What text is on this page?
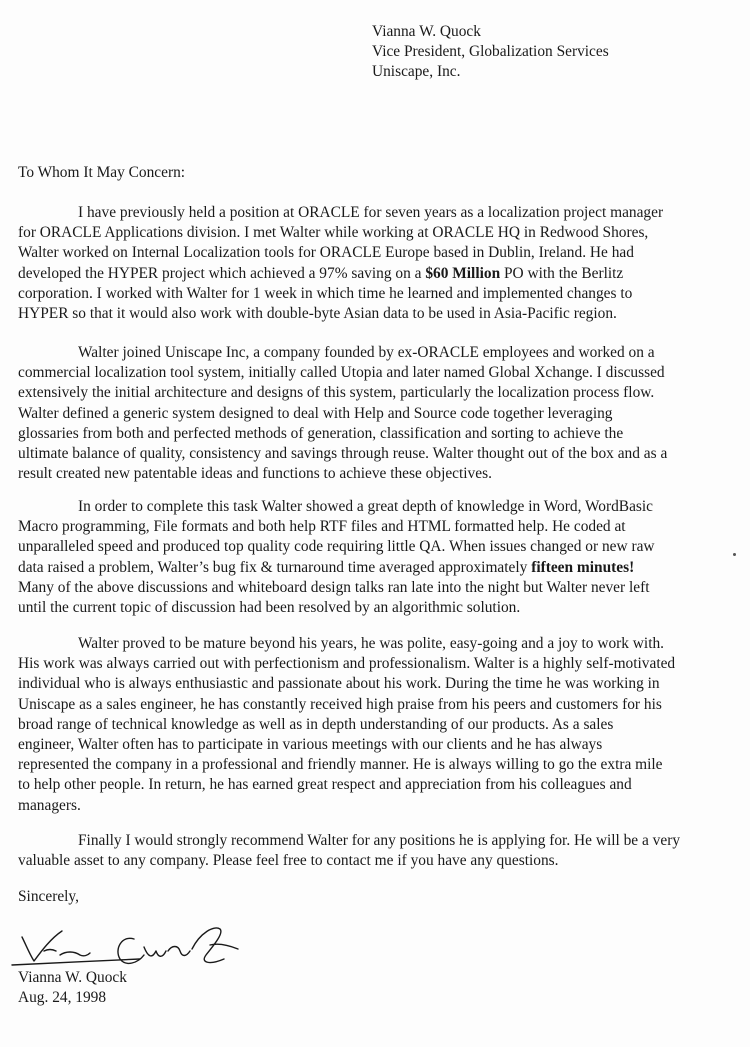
Vianna W. Quock
Vice President, Globalization Services
Uniscape, Inc.
To Whom It May Concern:
I have previously held a position at ORACLE for seven years as a localization project manager
for ORACLE Applications division. I met Walter while working at ORACLE HQ in Redwood Shores,
Walter worked on Internal Localization tools for ORACLE Europe based in Dublin, Ireland. He had
developed the HYPER project which achieved a 97% saving on a $60 Million PO with the Berlitz
corporation. I worked with Walter for 1 week in which time he learned and implemented changes to
HYPER so that it would also work with double-byte Asian data to be used in Asia-Pacific region.
Walter joined Uniscape Inc, a company founded by ex-ORACLE employees and worked on a
commercial localization tool system, initially called Utopia and later named Global Xchange. I discussed
extensively the initial architecture and designs of this system, particularly the localization process flow.
Walter defined a generic system designed to deal with Help and Source code together leveraging
glossaries from both and perfected methods of generation, classification and sorting to achieve the
ultimate balance of quality, consistency and savings through reuse. Walter thought out of the box and as a
result created new patentable ideas and functions to achieve these objectives.
In order to complete this task Walter showed a great depth of knowledge in Word, WordBasic
Macro programming, File formats and both help RTF files and HTML formatted help. He coded at
unparalleled speed and produced top quality code requiring little QA. When issues changed or new raw
data raised a problem, Walter’s bug fix & turnaround time averaged approximately fifteen minutes!
Many of the above discussions and whiteboard design talks ran late into the night but Walter never left
until the current topic of discussion had been resolved by an algorithmic solution.
Walter proved to be mature beyond his years, he was polite, easy-going and a joy to work with.
His work was always carried out with perfectionism and professionalism. Walter is a highly self-motivated
individual who is always enthusiastic and passionate about his work. During the time he was working in
Uniscape as a sales engineer, he has constantly received high praise from his peers and customers for his
broad range of technical knowledge as well as in depth understanding of our products. As a sales
engineer, Walter often has to participate in various meetings with our clients and he has always
represented the company in a professional and friendly manner. He is always willing to go the extra mile
to help other people. In return, he has earned great respect and appreciation from his colleagues and
managers.
Finally I would strongly recommend Walter for any positions he is applying for. He will be a very
valuable asset to any company. Please feel free to contact me if you have any questions.
Sincerely,
Vianna W. Quock
Aug. 24, 1998
